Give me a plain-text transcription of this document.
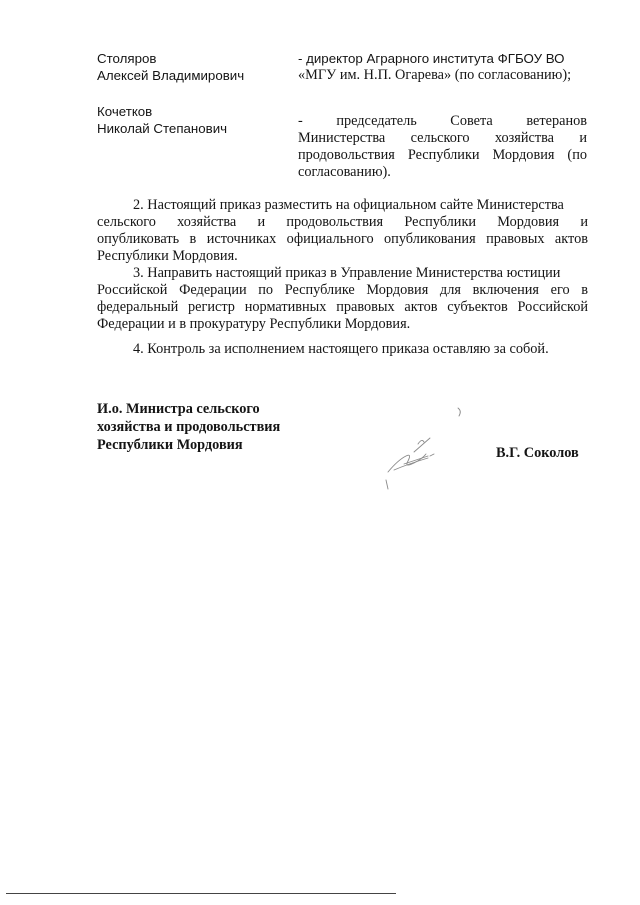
Столяров
Алексей Владимирович
- директор Аграрного института ФГБОУ ВО
«МГУ им. Н.П. Огарева» (по согласованию);
Кочетков
Николай Степанович	- председатель Совета ветеранов
Министерства сельского хозяйства и
продовольствия Республики Мордовия (по
согласованию).
2. Настоящий приказ разместить на официальном сайте Министерства
сельского хозяйства и продовольствия Республики Мордовия и
опубликовать в источниках официального опубликования правовых актов
Республики Мордовия.
3. Направить настоящий приказ в Управление Министерства юстиции
Российской Федерации по Республике Мордовия для включения его в
федеральный регистр нормативных правовых актов субъектов Российской
Федерации и в прокуратуру Республики Мордовия.
4. Контроль за исполнением настоящего приказа оставляю за собой.
И.о. Министра сельского
хозяйства и продовольствия
Республики Мордовия	В.Г. Соколов
